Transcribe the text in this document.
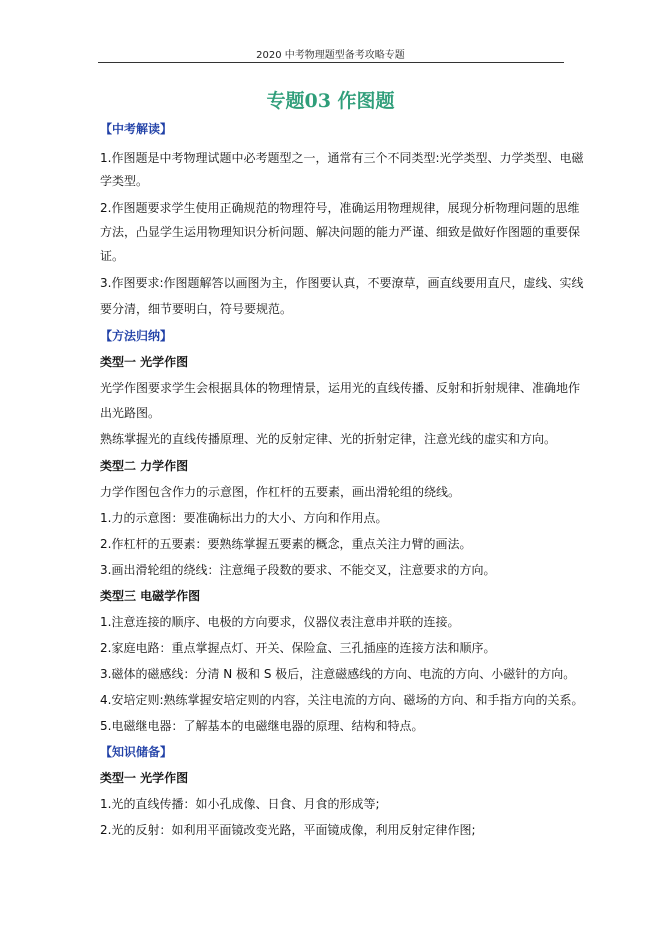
2020 中考物理题型备考攻略专题
专题03 作图题
【中考解读】
1.作图题是中考物理试题中必考题型之一，通常有三个不同类型:光学类型、力学类型、电磁
学类型。
2.作图题要求学生使用正确规范的物理符号，准确运用物理规律，展现分析物理问题的思维
方法，凸显学生运用物理知识分析问题、解决问题的能力严谨、细致是做好作图题的重要保
证。
3.作图要求:作图题解答以画图为主，作图要认真，不要潦草，画直线要用直尺，虚线、实线
要分清，细节要明白，符号要规范。
【方法归纳】
类型一 光学作图
光学作图要求学生会根据具体的物理情景，运用光的直线传播、反射和折射规律、准确地作
出光路图。
熟练掌握光的直线传播原理、光的反射定律、光的折射定律，注意光线的虚实和方向。
类型二 力学作图
力学作图包含作力的示意图，作杠杆的五要素，画出滑轮组的绕线。
1.力的示意图：要准确标出力的大小、方向和作用点。
2.作杠杆的五要素：要熟练掌握五要素的概念，重点关注力臂的画法。
3.画出滑轮组的绕线：注意绳子段数的要求、不能交叉，注意要求的方向。
类型三 电磁学作图
1.注意连接的顺序、电极的方向要求，仪器仪表注意串并联的连接。
2.家庭电路：重点掌握点灯、开关、保险盒、三孔插座的连接方法和顺序。
3.磁体的磁感线：分清 N 极和 S 极后，注意磁感线的方向、电流的方向、小磁针的方向。
4.安培定则:熟练掌握安培定则的内容，关注电流的方向、磁场的方向、和手指方向的关系。
5.电磁继电器：了解基本的电磁继电器的原理、结构和特点。
【知识储备】
类型一 光学作图
1.光的直线传播：如小孔成像、日食、月食的形成等;
2.光的反射：如利用平面镜改变光路，平面镜成像，利用反射定律作图;
